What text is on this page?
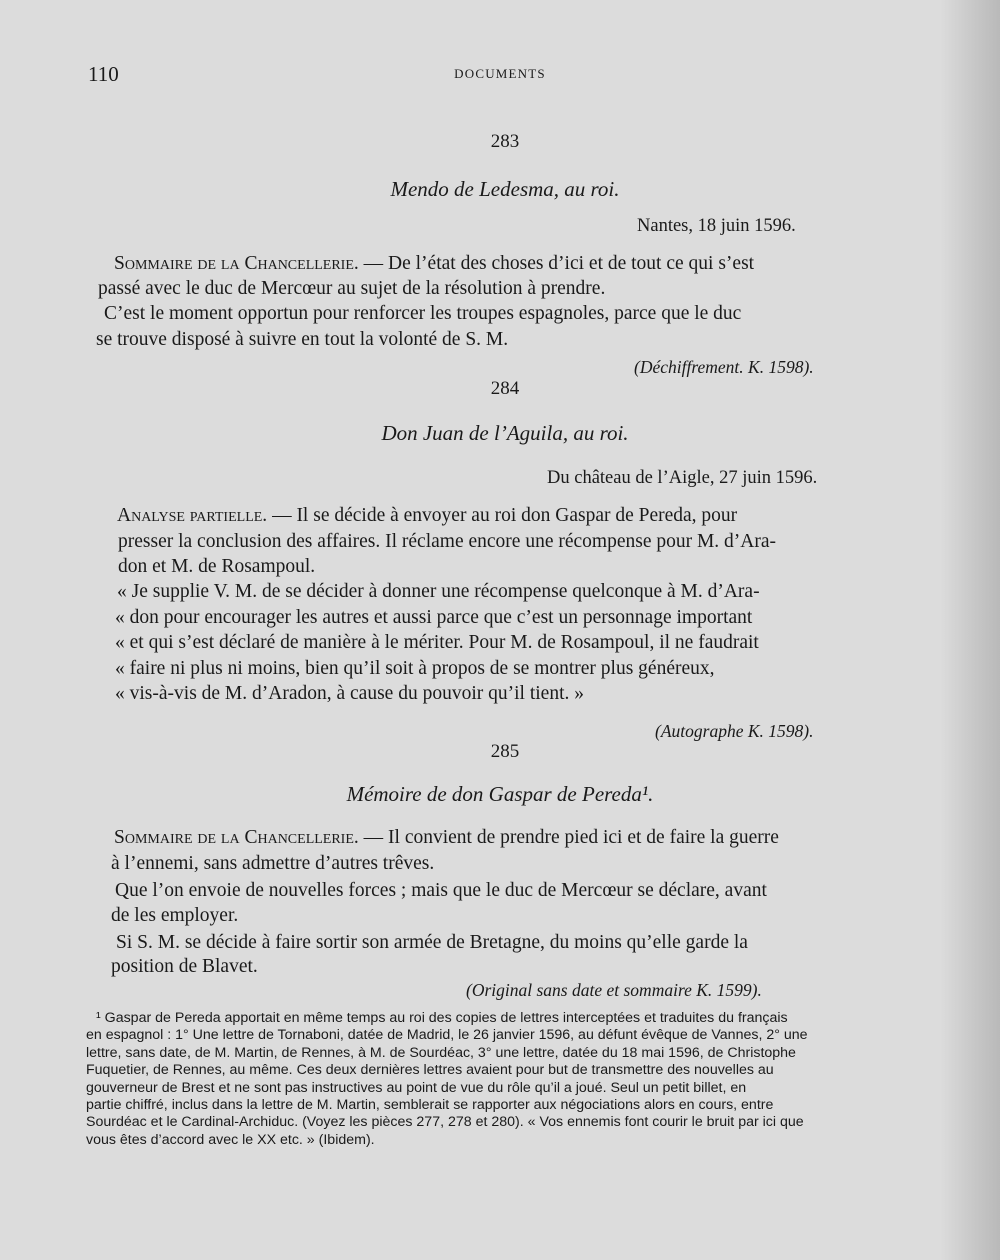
110	DOCUMENTS
283
Mendo de Ledesma, au roi.
Nantes, 18 juin 1596.
Sommaire de la Chancellerie. — De l’état des choses d’ici et de tout ce qui s’est
passé avec le duc de Mercœur au sujet de la résolution à prendre.
C’est le moment opportun pour renforcer les troupes espagnoles, parce que le duc
se trouve disposé à suivre en tout la volonté de S. M.
(Déchiffrement. K. 1598).
284
Don Juan de l’Aguila, au roi.
Du château de l’Aigle, 27 juin 1596.
Analyse partielle. — Il se décide à envoyer au roi don Gaspar de Pereda, pour
presser la conclusion des affaires. Il réclame encore une récompense pour M. d’Ara-
don et M. de Rosampoul.
« Je supplie V. M. de se décider à donner une récompense quelconque à M. d’Ara-
« don pour encourager les autres et aussi parce que c’est un personnage important
« et qui s’est déclaré de manière à le mériter. Pour M. de Rosampoul, il ne faudrait
« faire ni plus ni moins, bien qu’il soit à propos de se montrer plus généreux,
« vis-à-vis de M. d’Aradon, à cause du pouvoir qu’il tient. »
(Autographe K. 1598).
285
Mémoire de don Gaspar de Pereda¹.
Sommaire de la Chancellerie. — Il convient de prendre pied ici et de faire la guerre
à l’ennemi, sans admettre d’autres trêves.
Que l’on envoie de nouvelles forces ; mais que le duc de Mercœur se déclare, avant
de les employer.
Si S. M. se décide à faire sortir son armée de Bretagne, du moins qu’elle garde la
position de Blavet.
(Original sans date et sommaire K. 1599).
¹ Gaspar de Pereda apportait en même temps au roi des copies de lettres interceptées et traduites du français
en espagnol : 1° Une lettre de Tornaboni, datée de Madrid, le 26 janvier 1596, au défunt évêque de Vannes, 2° une
lettre, sans date, de M. Martin, de Rennes, à M. de Sourdéac, 3° une lettre, datée du 18 mai 1596, de Christophe
Fuquetier, de Rennes, au même. Ces deux dernières lettres avaient pour but de transmettre des nouvelles au
gouverneur de Brest et ne sont pas instructives au point de vue du rôle qu’il a joué. Seul un petit billet, en
partie chiffré, inclus dans la lettre de M. Martin, semblerait se rapporter aux négociations alors en cours, entre
Sourdéac et le Cardinal-Archiduc. (Voyez les pièces 277, 278 et 280). « Vos ennemis font courir le bruit par ici que
vous êtes d’accord avec le XX etc. » (Ibidem).
